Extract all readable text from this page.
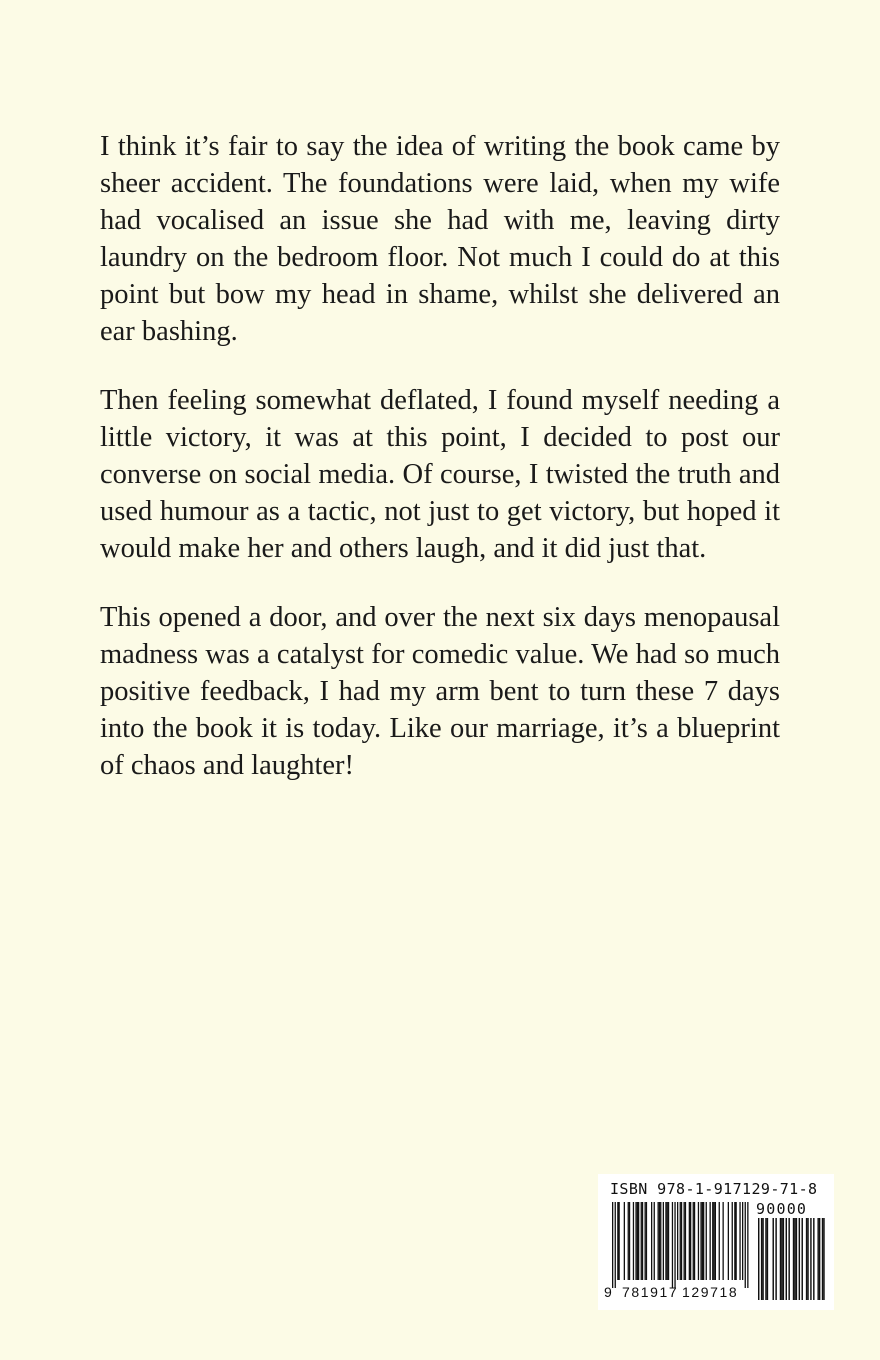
I think it’s fair to say the idea of writing the book came by sheer accident. The foundations were laid, when my wife had vocalised an issue she had with me, leaving dirty laundry on the bedroom floor. Not much I could do at this point but bow my head in shame, whilst she delivered an ear bashing.

Then feeling somewhat deflated, I found myself needing a little victory, it was at this point, I decided to post our converse on social media. Of course, I twisted the truth and used humour as a tactic, not just to get victory, but hoped it would make her and others laugh, and it did just that.

This opened a door, and over the next six days menopausal madness was a catalyst for comedic value. We had so much positive feedback, I had my arm bent to turn these 7 days into the book it is today. Like our marriage, it’s a blueprint of chaos and laughter!

ISBN 978-1-917129-71-8
90000
9 781917 129718
